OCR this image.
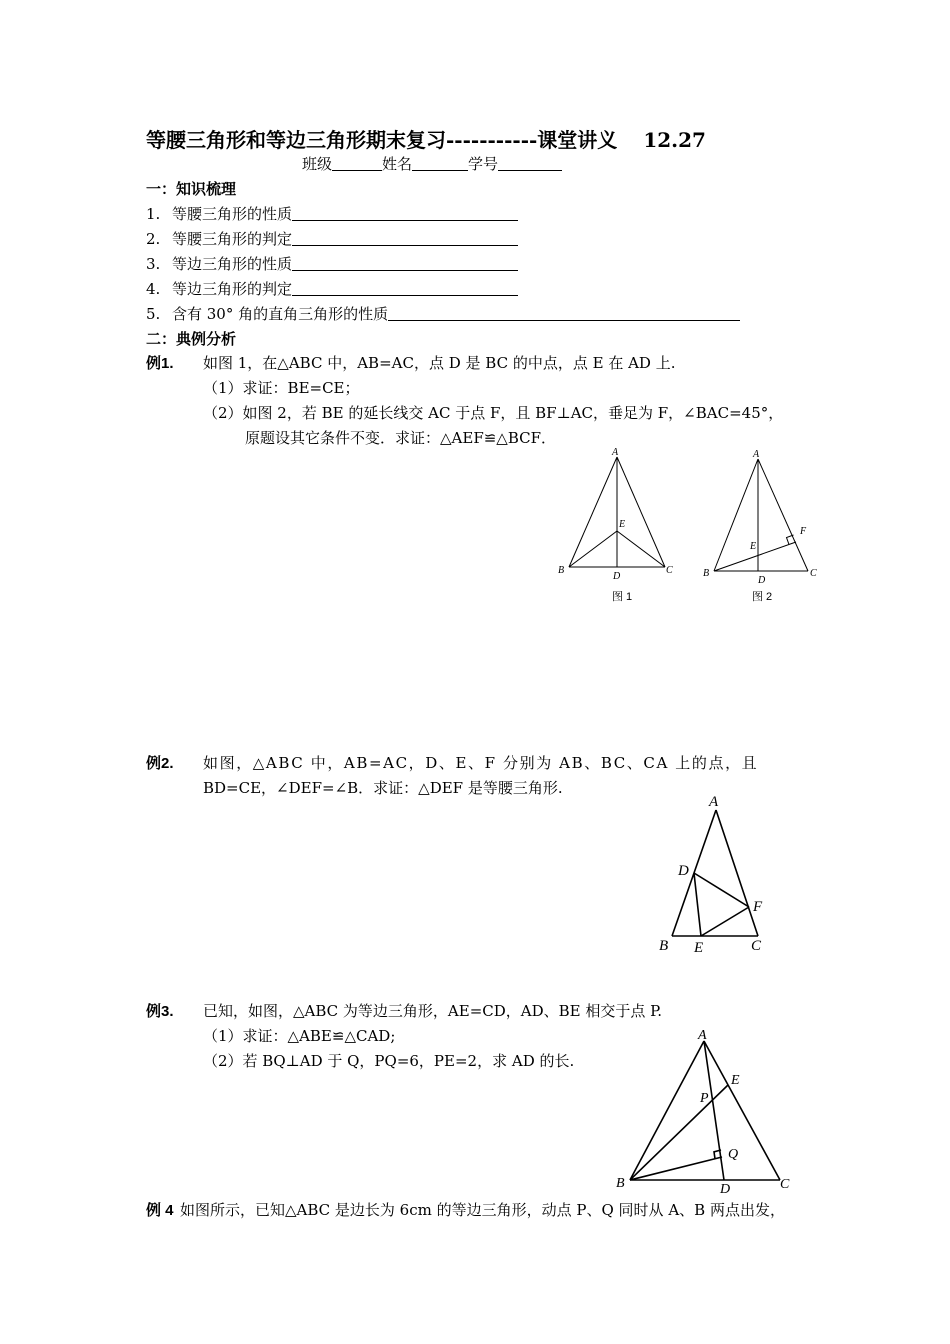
等腰三角形和等边三角形期末复习-----------课堂讲义 12.27
班级	姓名	学号
一：知识梳理
1. 等腰三角形的性质
2. 等腰三角形的判定
3. 等边三角形的性质
4. 等边三角形的判定
5. 含有 30° 角的直角三角形的性质
二：典例分析
例1. 如图 1，在△ABC 中，AB=AC，点 D 是 BC 的中点，点 E 在 AD 上.
（1）求证：BE=CE；
（2）如图 2，若 BE 的延长线交 AC 于点 F，且 BF⊥AC，垂足为 F，∠BAC=45°，
原题设其它条件不变．求证：△AEF≌△BCF．
A
E
B
D
C
图 1
A
F
E
B
D
C
图 2
例2. 如图，△ABC 中，AB=AC，D、E、F 分别为 AB、BC、CA 上的点，且
BD=CE，∠DEF=∠B．求证：△DEF 是等腰三角形.
A
D
F
B E	C
例3. 已知，如图，△ABC 为等边三角形，AE=CD，AD、BE 相交于点 P.
（1）求证：△ABE≌△CAD;
（2）若 BQ⊥AD 于 Q，PQ=6，PE=2，求 AD 的长.
A
E
P
Q
B	D	C
例 4 如图所示，已知△ABC 是边长为 6cm 的等边三角形，动点 P、Q 同时从 A、B 两点出发，
